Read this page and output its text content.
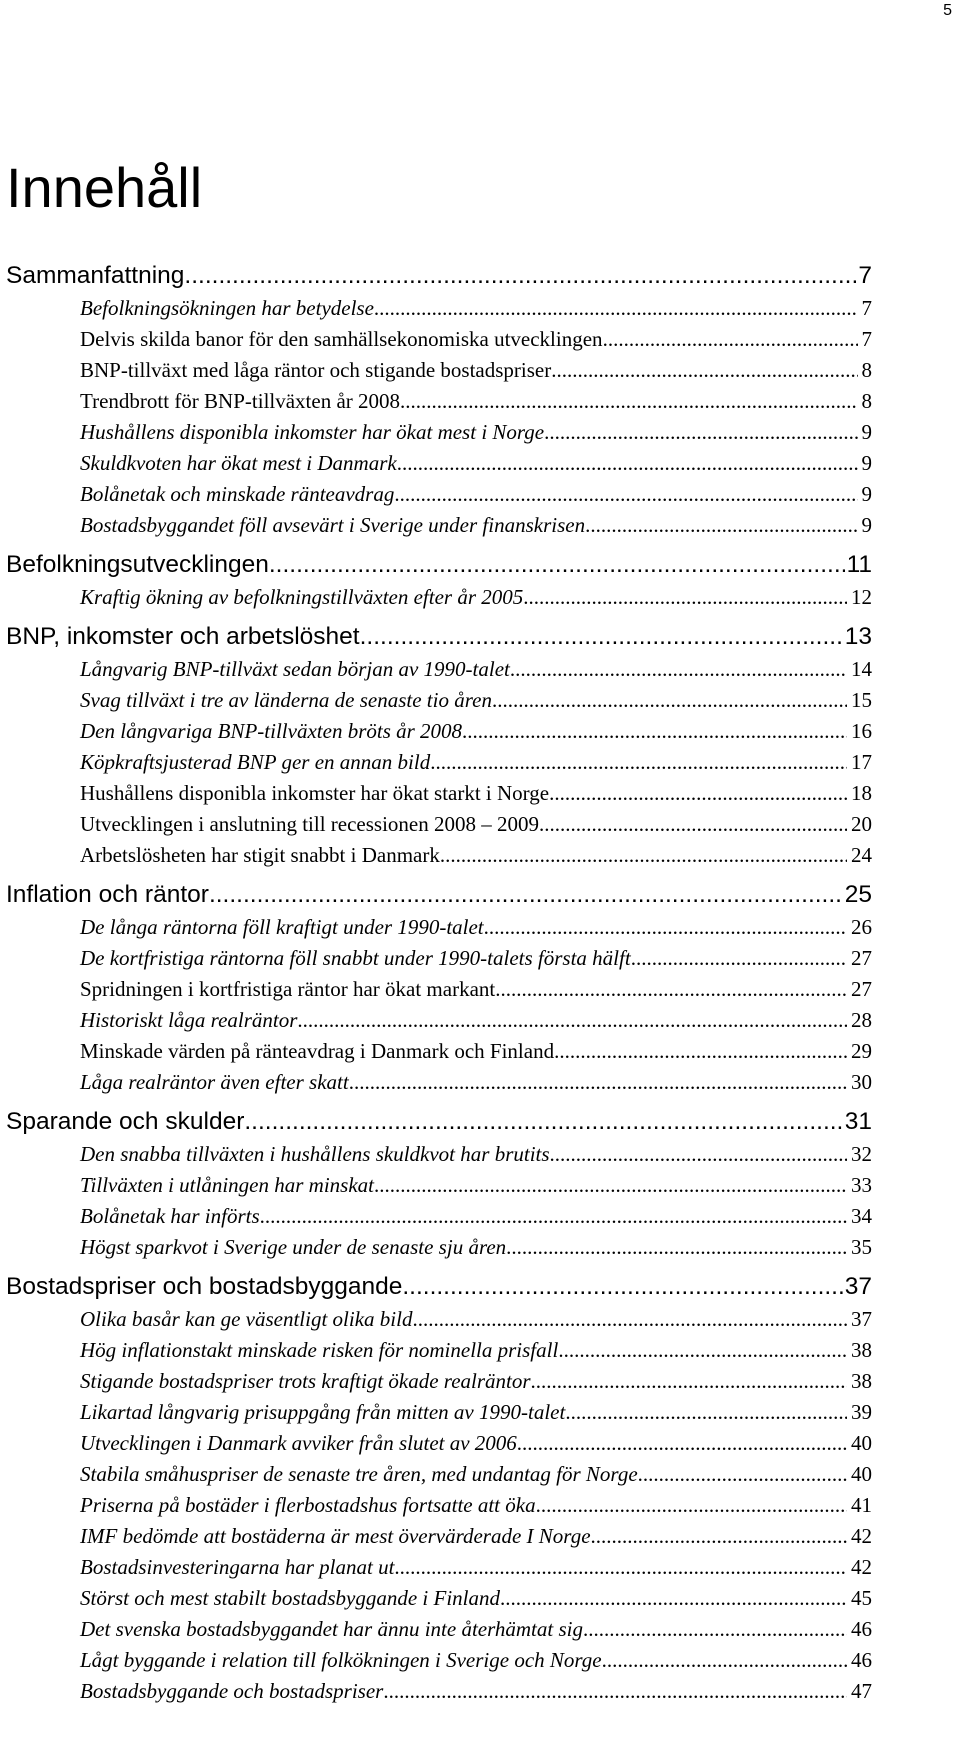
5
Innehåll
Sammanfattning .....	7
Befolkningsökningen har betydelse .....	7
Delvis skilda banor för den samhällsekonomiska utvecklingen .....	7
BNP-tillväxt med låga räntor och stigande bostadspriser .....	8
Trendbrott för BNP-tillväxten år 2008 .....	8
Hushållens disponibla inkomster har ökat mest i Norge .....	9
Skuldkvoten har ökat mest i Danmark .....	9
Bolånetak och minskade ränteavdrag .....	9
Bostadsbyggandet föll avsevärt i Sverige under finanskrisen .....	9
Befolkningsutvecklingen .....	11
Kraftig ökning av befolkningstillväxten efter år 2005 .....	12
BNP, inkomster och arbetslöshet .....	13
Långvarig BNP-tillväxt sedan början av 1990-talet .....	14
Svag tillväxt i tre av länderna de senaste tio åren .....	15
Den långvariga BNP-tillväxten bröts år 2008 .....	16
Köpkraftsjusterad BNP ger en annan bild .....	17
Hushållens disponibla inkomster har ökat starkt i Norge .....	18
Utvecklingen i anslutning till recessionen 2008 – 2009 .....	20
Arbetslösheten har stigit snabbt i Danmark .....	24
Inflation och räntor .....	25
De långa räntorna föll kraftigt under 1990-talet .....	26
De kortfristiga räntorna föll snabbt under 1990-talets första hälft .....	27
Spridningen i kortfristiga räntor har ökat markant .....	27
Historiskt låga realräntor .....	28
Minskade värden på ränteavdrag i Danmark och Finland .....	29
Låga realräntor även efter skatt .....	30
Sparande och skulder .....	31
Den snabba tillväxten i hushållens skuldkvot har brutits .....	32
Tillväxten i utlåningen har minskat .....	33
Bolånetak har införts .....	34
Högst sparkvot i Sverige under de senaste sju åren .....	35
Bostadspriser och bostadsbyggande .....	37
Olika basår kan ge väsentligt olika bild .....	37
Hög inflationstakt minskade risken för nominella prisfall .....	38
Stigande bostadspriser trots kraftigt ökade realräntor .....	38
Likartad långvarig prisuppgång från mitten av 1990-talet .....	39
Utvecklingen i Danmark avviker från slutet av 2006 .....	40
Stabila småhuspriser de senaste tre åren, med undantag för Norge .....	40
Priserna på bostäder i flerbostadshus fortsatte att öka .....	41
IMF bedömde att bostäderna är mest övervärderade I Norge .....	42
Bostadsinvesteringarna har planat ut .....	42
Störst och mest stabilt bostadsbyggande i Finland .....	45
Det svenska bostadsbyggandet har ännu inte återhämtat sig .....	46
Lågt byggande i relation till folkökningen i Sverige och Norge .....	46
Bostadsbyggande och bostadspriser .....	47
